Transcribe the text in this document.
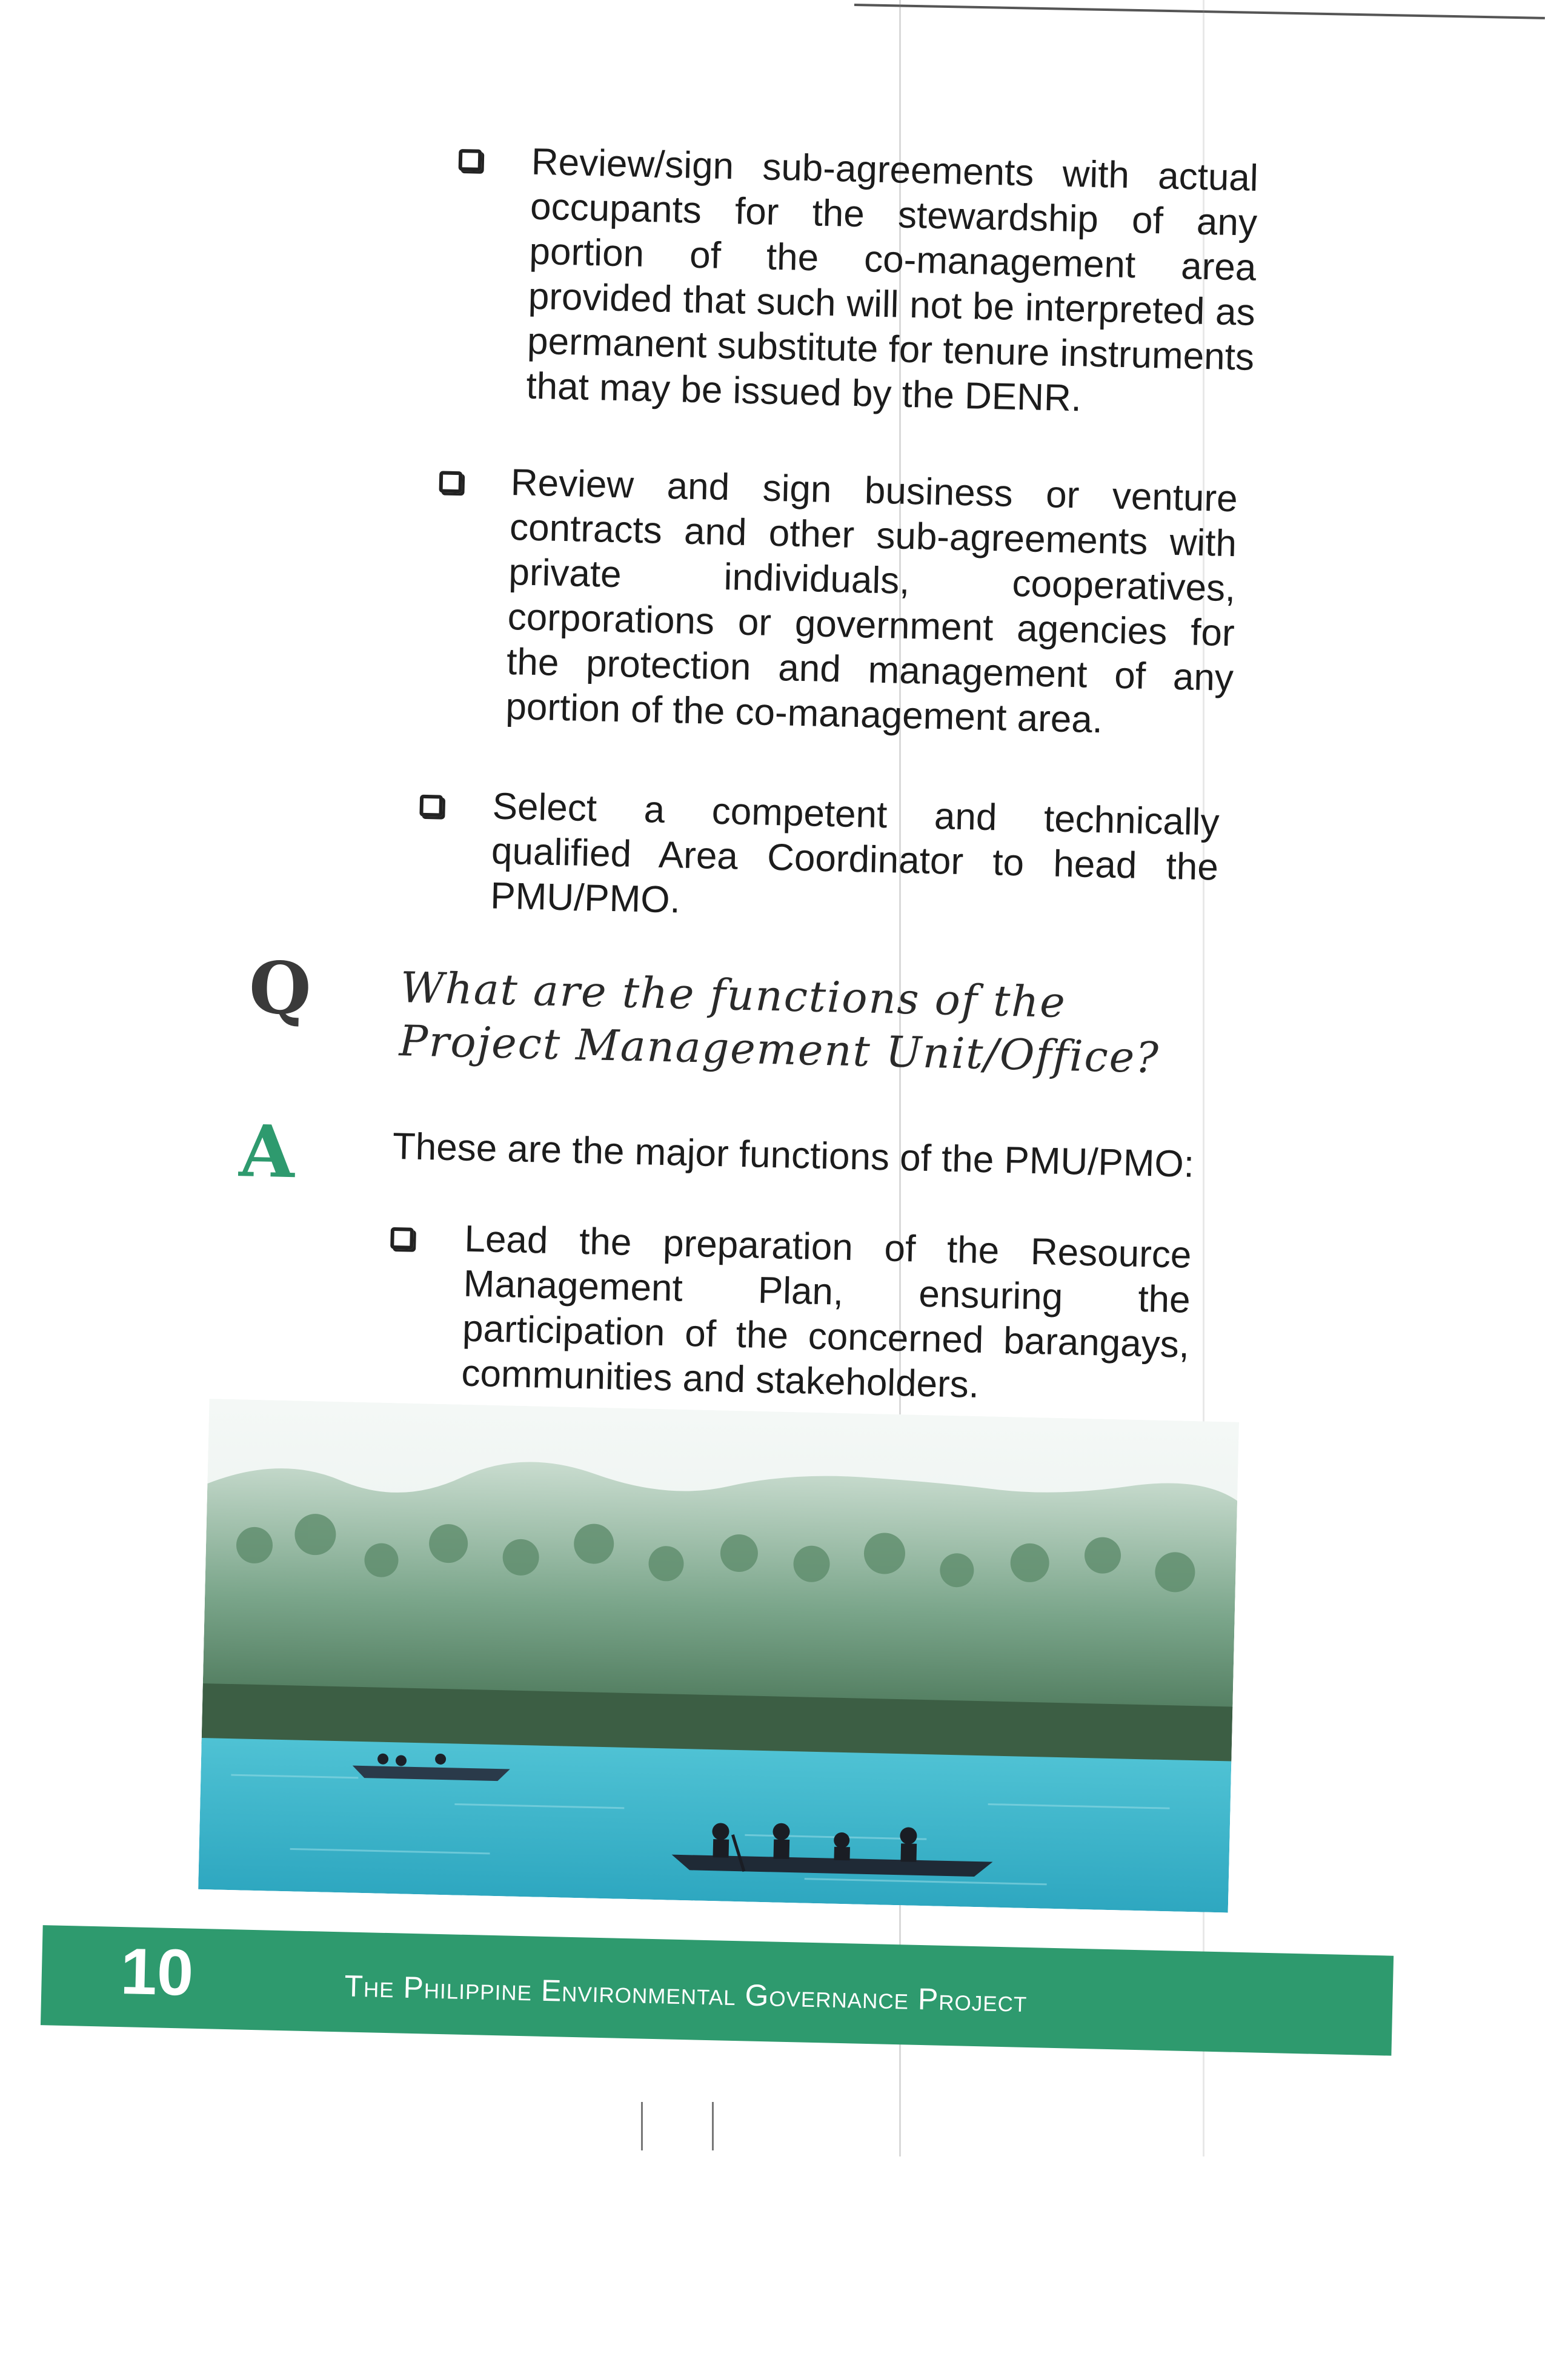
Review/sign sub-agreements with actual occupants for the stewardship of any portion of the co-management area provided that such will not be interpreted as permanent substitute for tenure instruments that may be issued by the DENR.
Review and sign business or venture contracts and other sub-agreements with private individuals, cooperatives, corporations or government agencies for the protection and management of any portion of the co-management area.
Select a competent and technically qualified Area Coordinator to head the PMU/PMO.
Q What are the functions of the Project Management Unit/Office?
A	These are the major functions of the PMU/PMO:
Lead the preparation of the Resource Management Plan, ensuring the participation of the concerned barangays, communities and stakeholders.
10	The Philippine Environmental Governance Project
